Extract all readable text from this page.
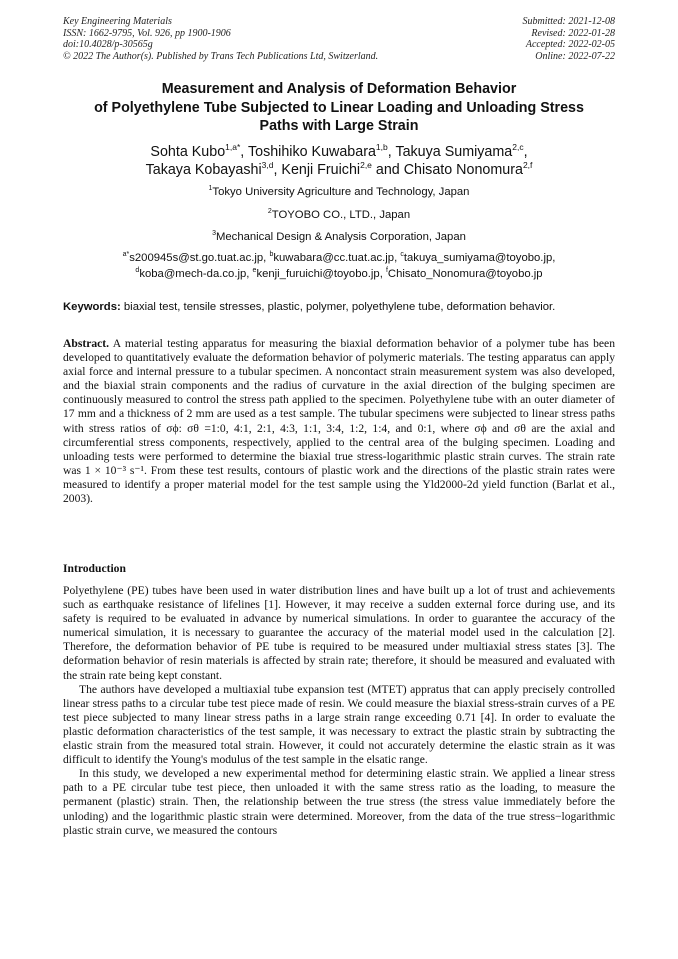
Key Engineering Materials
ISSN: 1662-9795, Vol. 926, pp 1900-1906
doi:10.4028/p-30565g
© 2022 The Author(s). Published by Trans Tech Publications Ltd, Switzerland.
Submitted: 2021-12-08
Revised: 2022-01-28
Accepted: 2022-02-05
Online: 2022-07-22
Measurement and Analysis of Deformation Behavior
of Polyethylene Tube Subjected to Linear Loading and Unloading Stress
Paths with Large Strain
Sohta Kubo$^{1,a*}$, Toshihiko Kuwabara$^{1,b}$, Takuya Sumiyama$^{2,c}$,
Takaya Kobayashi$^{3,d}$, Kenji Fruichi$^{2,e}$ and Chisato Nonomura$^{2,f}$
$^1$Tokyo University Agriculture and Technology, Japan
$^2$TOYOBO CO., LTD., Japan
$^3$Mechanical Design & Analysis Corporation, Japan
$^{a*}$s200945s@st.go.tuat.ac.jp, $^b$kuwabara@cc.tuat.ac.jp, $^c$takuya_sumiyama@toyobo.jp,
$^d$koba@mech-da.co.jp, $^e$kenji_furuichi@toyobo.jp, $^f$Chisato_Nonomura@toyobo.jp
Keywords: biaxial test, tensile stresses, plastic, polymer, polyethylene tube, deformation behavior.
Abstract. A material testing apparatus for measuring the biaxial deformation behavior of a polymer tube has been developed to quantitatively evaluate the deformation behavior of polymeric materials. The testing apparatus can apply axial force and internal pressure to a tubular specimen. A noncontact strain measurement system was also developed, and the biaxial strain components and the radius of curvature in the axial direction of the bulging specimen are continuously measured to control the stress path applied to the specimen. Polyethylene tube with an outer diameter of 17 mm and a thickness of 2 mm are used as a test sample. The tubular specimens were subjected to linear stress paths with stress ratios of σϕ: σθ =1:0, 4:1, 2:1, 4:3, 1:1, 3:4, 1:2, 1:4, and 0:1, where σϕ and σθ are the axial and circumferential stress components, respectively, applied to the central area of the bulging specimen. Loading and unloading tests were performed to determine the biaxial true stress-logarithmic plastic strain curves. The strain rate was 1 × 10⁻³ s⁻¹. From these test results, contours of plastic work and the directions of the plastic strain rates were measured to identify a proper material model for the test sample using the Yld2000-2d yield function (Barlat et al., 2003).
Introduction

Polyethylene (PE) tubes have been used in water distribution lines and have built up a lot of trust and achievements such as earthquake resistance of lifelines [1]. However, it may receive a sudden external force during use, and its safety is required to be evaluated in advance by numerical simulations. In order to guarantee the accuracy of the numerical simulation, it is necessary to guarantee the accuracy of the material model used in the calculation [2]. Therefore, the deformation behavior of PE tube is required to be measured under multiaxial stress states [3]. The deformation behavior of resin materials is affected by strain rate; therefore, it should be measured and evaluated with the strain rate being kept constant.

The authors have developed a multiaxial tube expansion test (MTET) appratus that can apply precisely controlled linear stress paths to a circular tube test piece made of resin. We could measure the biaxial stress-strain curves of a PE test piece subjected to many linear stress paths in a large strain range exceeding 0.71 [4]. In order to evaluate the plastic deformation characteristics of the test sample, it was necessary to extract the plastic strain by subtracting the elastic strain from the measured total strain. However, it could not accurately determine the elastic strain as it was difficult to identify the Young's modulus of the test sample in the elsatic range.

In this study, we developed a new experimental method for determining elastic strain. We applied a linear stress path to a PE circular tube test piece, then unloaded it with the same stress ratio as the loading, to measure the permanent (plastic) strain. Then, the relationship between the true stress (the stress value immediately before the unloding) and the logarithmic plastic strain were determined. Moreover, from the data of the true stress−logarithmic plastic strain curve, we measured the contours
